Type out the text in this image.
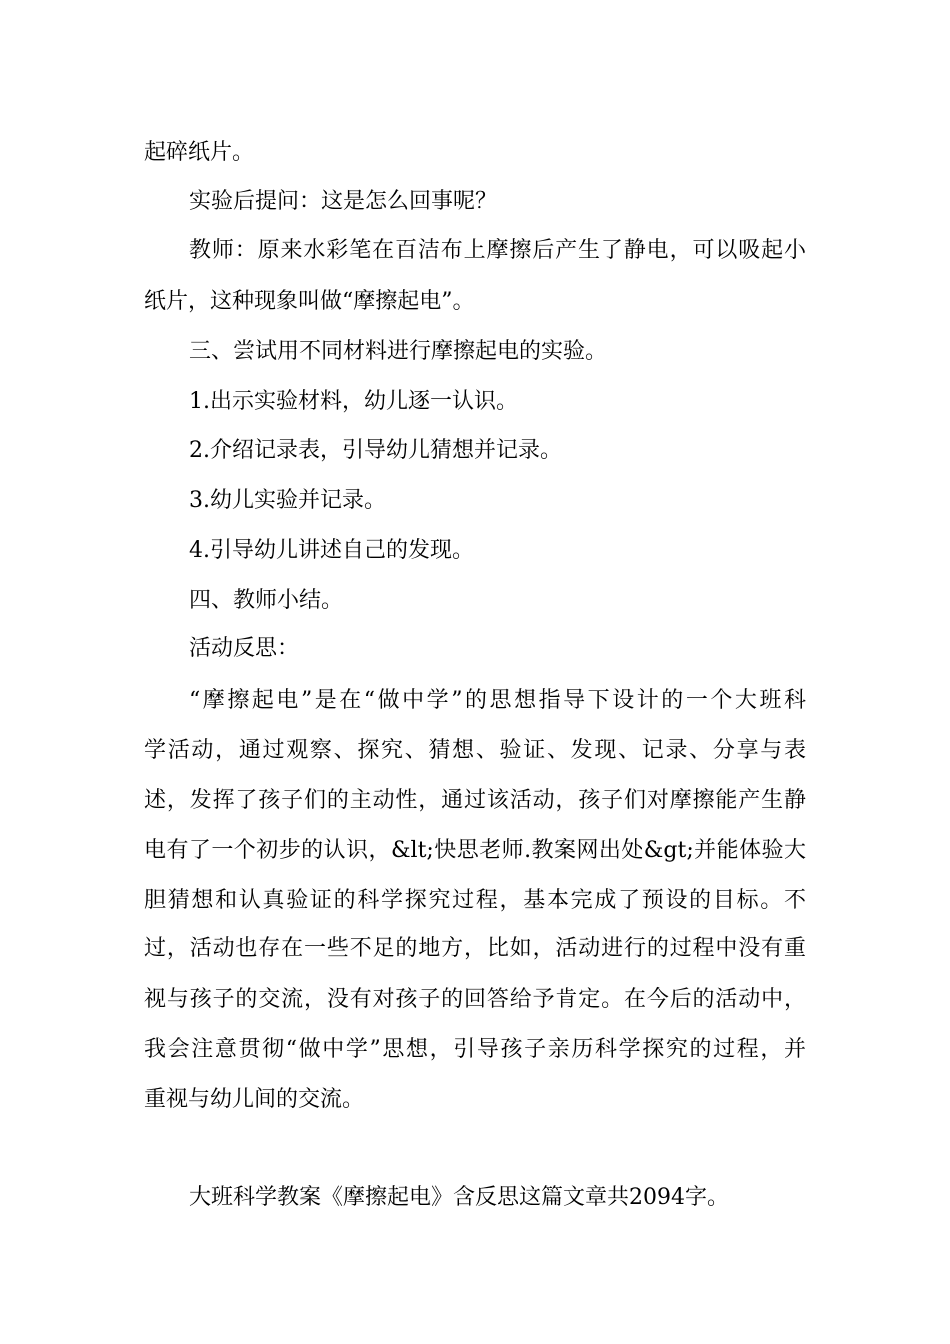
起碎纸片。
实验后提问：这是怎么回事呢？
教师：原来水彩笔在百洁布上摩擦后产生了静电，可以吸起小
纸片，这种现象叫做“摩擦起电”。
三、尝试用不同材料进行摩擦起电的实验。
1.出示实验材料，幼儿逐一认识。
2.介绍记录表，引导幼儿猜想并记录。
3.幼儿实验并记录。
4.引导幼儿讲述自己的发现。
四、教师小结。
活动反思：
“摩擦起电”是在“做中学”的思想指导下设计的一个大班科
学活动，通过观察、探究、猜想、验证、发现、记录、分享与表
述，发挥了孩子们的主动性，通过该活动，孩子们对摩擦能产生静
电有了一个初步的认识，&lt;快思老师.教案网出处&gt;并能体验大
胆猜想和认真验证的科学探究过程，基本完成了预设的目标。不
过，活动也存在一些不足的地方，比如，活动进行的过程中没有重
视与孩子的交流，没有对孩子的回答给予肯定。在今后的活动中，
我会注意贯彻“做中学”思想，引导孩子亲历科学探究的过程，并
重视与幼儿间的交流。
大班科学教案《摩擦起电》含反思这篇文章共2094字。
